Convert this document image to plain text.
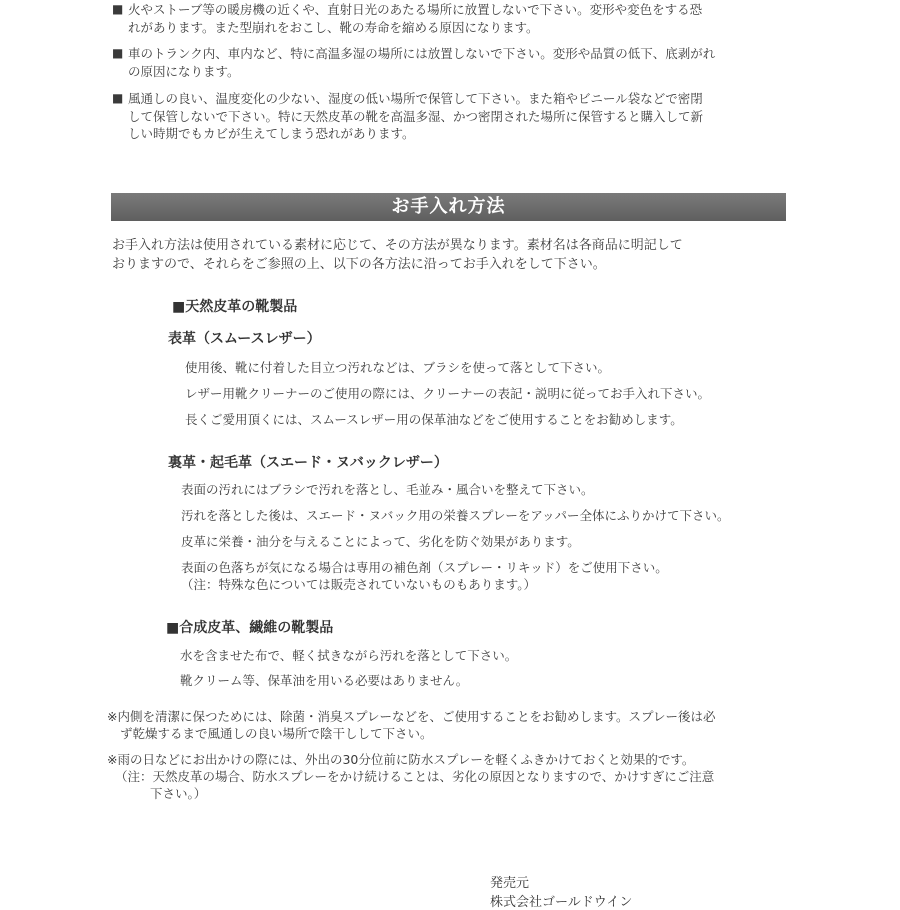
■ 火やストーブ等の暖房機の近くや、直射日光のあたる場所に放置しないで下さい。変形や変色をする恐
れがあります。また型崩れをおこし、靴の寿命を縮める原因になります。
■ 車のトランク内、車内など、特に高温多湿の場所には放置しないで下さい。変形や品質の低下、底剥がれ
の原因になります。
■ 風通しの良い、温度変化の少ない、湿度の低い場所で保管して下さい。また箱やビニール袋などで密閉
して保管しないで下さい。特に天然皮革の靴を高温多湿、かつ密閉された場所に保管すると購入して新
しい時期でもカビが生えてしまう恐れがあります。
お手入れ方法
お手入れ方法は使用されている素材に応じて、その方法が異なります。素材名は各商品に明記して
おりますので、それらをご参照の上、以下の各方法に沿ってお手入れをして下さい。
■天然皮革の靴製品
表革（スムースレザー）
使用後、靴に付着した目立つ汚れなどは、ブラシを使って落として下さい。
レザー用靴クリーナーのご使用の際には、クリーナーの表記・説明に従ってお手入れ下さい。
長くご愛用頂くには、スムースレザー用の保革油などをご使用することをお勧めします。
裏革・起毛革（スエード・ヌバックレザー）
表面の汚れにはブラシで汚れを落とし、毛並み・風合いを整えて下さい。
汚れを落とした後は、スエード・ヌバック用の栄養スプレーをアッパー全体にふりかけて下さい。
皮革に栄養・油分を与えることによって、劣化を防ぐ効果があります。
表面の色落ちが気になる場合は専用の補色剤（スプレー・リキッド）をご使用下さい。
（注：特殊な色については販売されていないものもあります。）
■合成皮革、繊維の靴製品
水を含ませた布で、軽く拭きながら汚れを落として下さい。
靴クリーム等、保革油を用いる必要はありません。
※内側を清潔に保つためには、除菌・消臭スプレーなどを、ご使用することをお勧めします。スプレー後は必
ず乾燥するまで風通しの良い場所で陰干しして下さい。
※雨の日などにお出かけの際には、外出の30分位前に防水スプレーを軽くふきかけておくと効果的です。
（注：天然皮革の場合、防水スプレーをかけ続けることは、劣化の原因となりますので、かけすぎにご注意
下さい。）
発売元
株式会社ゴールドウイン
